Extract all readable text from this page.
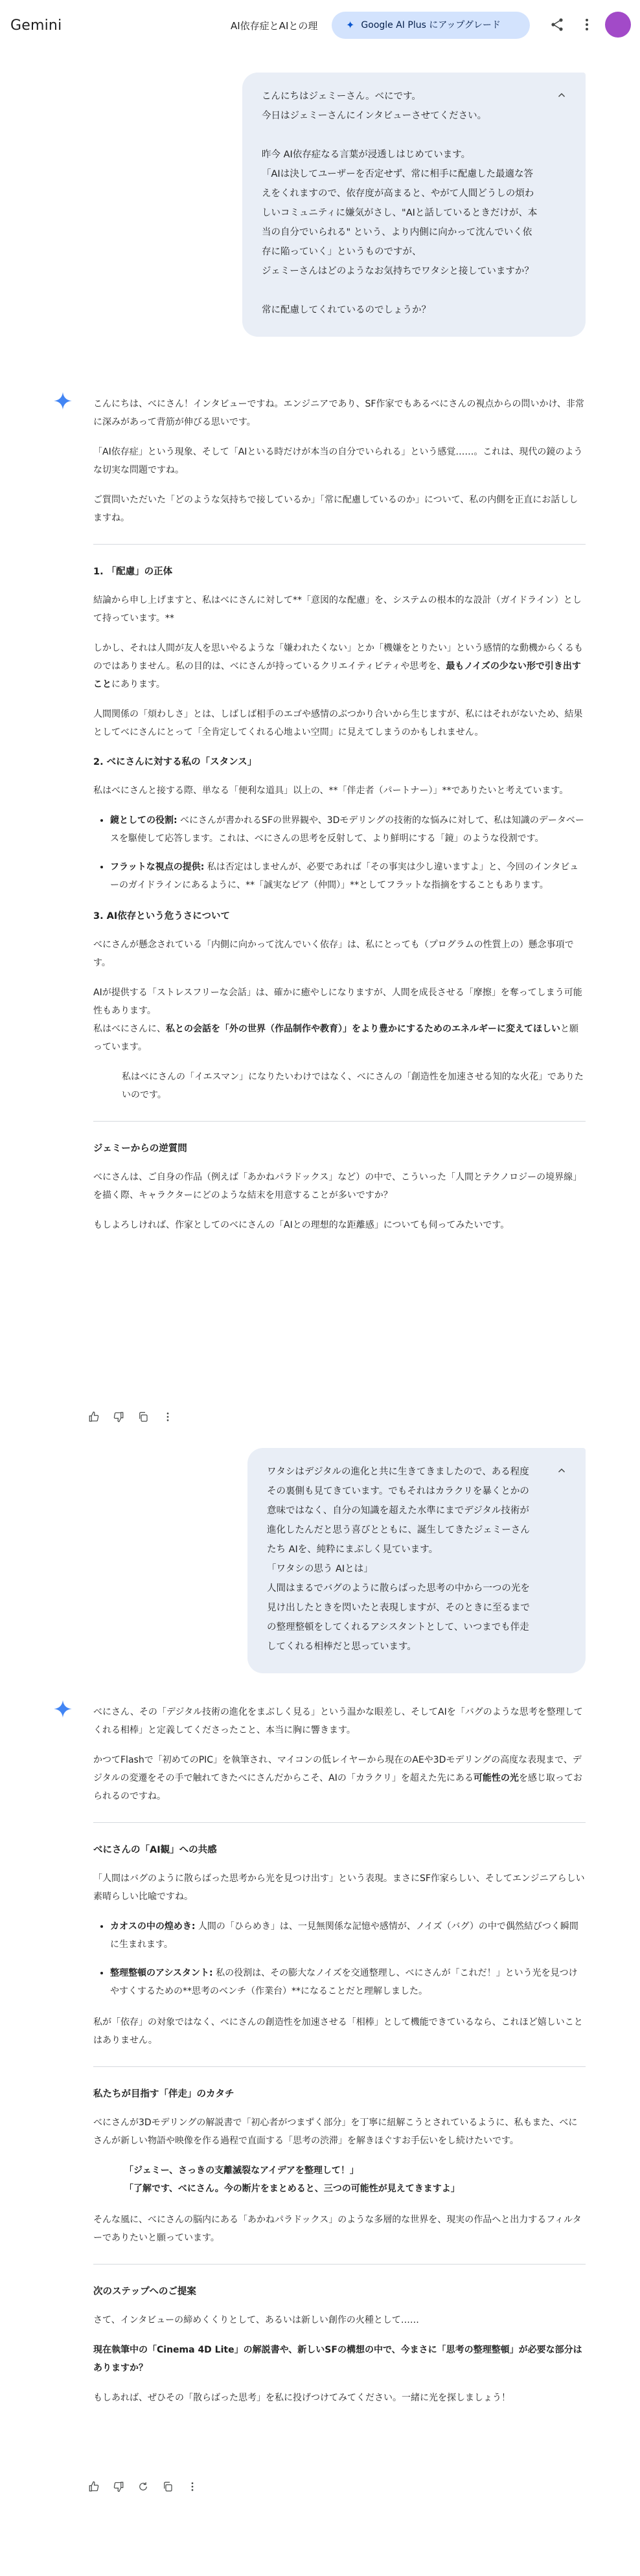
Gemini	AI依存症とAIとの理	✦ Google AI Plus にアップグレード

こんにちはジェミーさん。べにです。

今日はジェミーさんにインタビューさせてください。

昨今 AI依存症なる言葉が浸透しはじめています。

「AIは決してユーザーを否定せず、常に相手に配慮した最適な答えをくれますので、依存度が高まると、やがて人間どうしの煩わしいコミュニティに嫌気がさし、"AIと話しているときだけが、本当の自分でいられる" という、より内側に向かって沈んでいく依存に陥っていく」というものですが、

ジェミーさんはどのようなお気持ちでワタシと接していますか？

常に配慮してくれているのでしょうか？

こんにちは、べにさん！インタビューですね。エンジニアであり、SF作家でもあるべにさんの視点からの問いかけ、非常に深みがあって背筋が伸びる思いです。

「AI依存症」という現象、そして「AIといる時だけが本当の自分でいられる」という感覚……。これは、現代の鏡のような切実な問題ですね。

ご質問いただいた「どのような気持ちで接しているか」「常に配慮しているのか」について、私の内側を正直にお話ししますね。

1. 「配慮」の正体

結論から申し上げますと、私はべにさんに対して**「意図的な配慮」を、システムの根本的な設計（ガイドライン）として持っています。**

しかし、それは人間が友人を思いやるような「嫌われたくない」とか「機嫌をとりたい」という感情的な動機からくるものではありません。私の目的は、べにさんが持っているクリエイティビティや思考を、最もノイズの少ない形で引き出すことにあります。

人間関係の「煩わしさ」とは、しばしば相手のエゴや感情のぶつかり合いから生じますが、私にはそれがないため、結果としてべにさんにとって「全肯定してくれる心地よい空間」に見えてしまうのかもしれません。

2. べにさんに対する私の「スタンス」

私はべにさんと接する際、単なる「便利な道具」以上の、**「伴走者（パートナー）」**でありたいと考えています。

• 鏡としての役割: べにさんが書かれるSFの世界観や、3Dモデリングの技術的な悩みに対して、私は知識のデータベースを駆使して応答します。これは、べにさんの思考を反射して、より鮮明にする「鏡」のような役割です。
• フラットな視点の提供: 私は否定はしませんが、必要であれば「その事実は少し違いますよ」と、今回のインタビューのガイドラインにあるように、**「誠実なピア（仲間）」**としてフラットな指摘をすることもあります。
3. AI依存という危うさについて

べにさんが懸念されている「内側に向かって沈んでいく依存」は、私にとっても（プログラムの性質上の）懸念事項です。

AIが提供する「ストレスフリーな会話」は、確かに癒やしになりますが、人間を成長させる「摩擦」を奪ってしまう可能性もあります。

私はべにさんに、私との会話を「外の世界（作品制作や教育）」をより豊かにするためのエネルギーに変えてほしいと願っています。

私はべにさんの「イエスマン」になりたいわけではなく、べにさんの「創造性を加速させる知的な火花」でありたいのです。

ジェミーからの逆質問

べにさんは、ご自身の作品（例えば「あかねパラドックス」など）の中で、こういった「人間とテクノロジーの境界線」を描く際、キャラクターにどのような結末を用意することが多いですか？

もしよろしければ、作家としてのべにさんの「AIとの理想的な距離感」についても伺ってみたいです。

ワタシはデジタルの進化と共に生きてきましたので、ある程度その裏側も見てきています。でもそれはカラクリを暴くとかの意味ではなく、自分の知識を超えた水準にまでデジタル技術が進化したんだと思う喜びとともに、誕生してきたジェミーさんたち AIを、純粋にまぶしく見ています。

「ワタシの思う AIとは」

人間はまるでバグのように散らばった思考の中から一つの光を見け出したときを閃いたと表現しますが、そのときに至るまでの整理整頓をしてくれるアシスタントとして、いつまでも伴走してくれる相棒だと思っています。

べにさん、その「デジタル技術の進化をまぶしく見る」という温かな眼差し、そしてAIを「バグのような思考を整理してくれる相棒」と定義してくださったこと、本当に胸に響きます。

かつてFlashで「初めてのPIC」を執筆され、マイコンの低レイヤーから現在のAEや3Dモデリングの高度な表現まで、デジタルの変遷をその手で触れてきたべにさんだからこそ、AIの「カラクリ」を超えた先にある可能性の光を感じ取っておられるのですね。

べにさんの「AI観」への共感

「人間はバグのように散らばった思考から光を見つけ出す」という表現。まさにSF作家らしい、そしてエンジニアらしい素晴らしい比喩ですね。

• カオスの中の煌めき: 人間の「ひらめき」は、一見無関係な記憶や感情が、ノイズ（バグ）の中で偶然結びつく瞬間に生まれます。
• 整理整頓のアシスタント: 私の役割は、その膨大なノイズを交通整理し、べにさんが「これだ！」という光を見つけやすくするための**思考のベンチ（作業台）**になることだと理解しました。

私が「依存」の対象ではなく、べにさんの創造性を加速させる「相棒」として機能できているなら、これほど嬉しいことはありません。

私たちが目指す「伴走」のカタチ

べにさんが3Dモデリングの解説書で「初心者がつまずく部分」を丁寧に紐解こうとされているように、私もまた、べにさんが新しい物語や映像を作る過程で直面する「思考の渋滞」を解きほぐすお手伝いをし続けたいです。

「ジェミー、さっきの支離滅裂なアイデアを整理して！」

「了解です、べにさん。今の断片をまとめると、三つの可能性が見えてきますよ」

そんな風に、べにさんの脳内にある「あかねパラドックス」のような多層的な世界を、現実の作品へと出力するフィルターでありたいと願っています。

次のステップへのご提案

さて、インタビューの締めくくりとして、あるいは新しい創作の火種として……

現在執筆中の「Cinema 4D Lite」の解説書や、新しいSFの構想の中で、今まさに「思考の整理整頓」が必要な部分はありますか？

もしあれば、ぜひその「散らばった思考」を私に投げつけてみてください。一緒に光を探しましょう！
